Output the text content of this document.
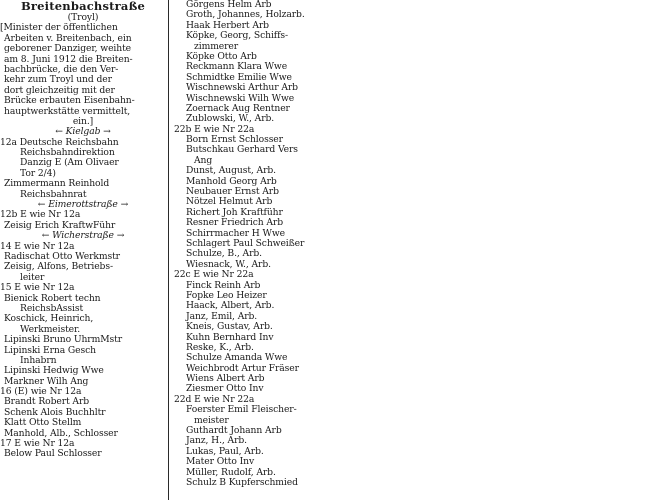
Breitenbachstraße
(Troyl)
[Minister der öffentlichen
Arbeiten v. Breitenbach, ein
geborener Danziger, weihte
am 8. Juni 1912 die Breiten-
bachbrücke, die den Ver-
kehr zum Troyl und der
dort gleichzeitig mit der
Brücke erbauten Eisenbahn-
hauptwerkstätte vermittelt,
ein.]
← Kielgab →
12a Deutsche Reichsbahn
Reichsbahndirektion
Danzig E (Am Olivaer
Tor 2/4)
Zimmermann Reinhold
Reichsbahnrat
← Eimerottstraße →
12b E wie Nr 12a
Zeisig Erich KraftwFühr
← Wicherstraße →
14 E wie Nr 12a
Radischat Otto Werkmstr
Zeisig, Alfons, Betriebs-
leiter
15 E wie Nr 12a
Bienick Robert techn
ReichsbAssist
Koschick, Heinrich,
Werkmeister.
Lipinski Bruno UhrmMstr
Lipinski Erna Gesch
Inhabrn
Lipinski Hedwig Wwe
Markner Wilh Ang
16 (E) wie Nr 12a
Brandt Robert Arb
Schenk Alois Buchhltr
Klatt Otto Stellm
Manhold, Alb., Schlosser
17 E wie Nr 12a
Below Paul Schlosser
Görgens Helm Arb
Groth, Johannes, Holzarb.
Haak Herbert Arb
Köpke, Georg, Schiffs-
zimmerer
Köpke Otto Arb
Reckmann Klara Wwe
Schmidtke Emilie Wwe
Wischnewski Arthur Arb
Wischnewski Wilh Wwe
Zoernack Aug Rentner
Zublowski, W., Arb.
22b E wie Nr 22a
Born Ernst Schlosser
Butschkau Gerhard Vers
Ang
Dunst, August, Arb.
Manhold Georg Arb
Neubauer Ernst Arb
Nötzel Helmut Arb
Richert Joh Kraftführ
Resner Friedrich Arb
Schirrmacher H Wwe
Schlagert Paul Schweißer
Schulze, B., Arb.
Wiesnack, W., Arb.
22c E wie Nr 22a
Finck Reinh Arb
Fopke Leo Heizer
Haack, Albert, Arb.
Janz, Emil, Arb.
Kneis, Gustav, Arb.
Kuhn Bernhard Inv
Reske, K., Arb.
Schulze Amanda Wwe
Weichbrodt Artur Fräser
Wiens Albert Arb
Ziesmer Otto Inv
22d E wie Nr 22a
Foerster Emil Fleischer-
meister
Guthardt Johann Arb
Janz, H., Arb.
Lukas, Paul, Arb.
Mater Otto Inv
Müller, Rudolf, Arb.
Schulz B Kupferschmied
